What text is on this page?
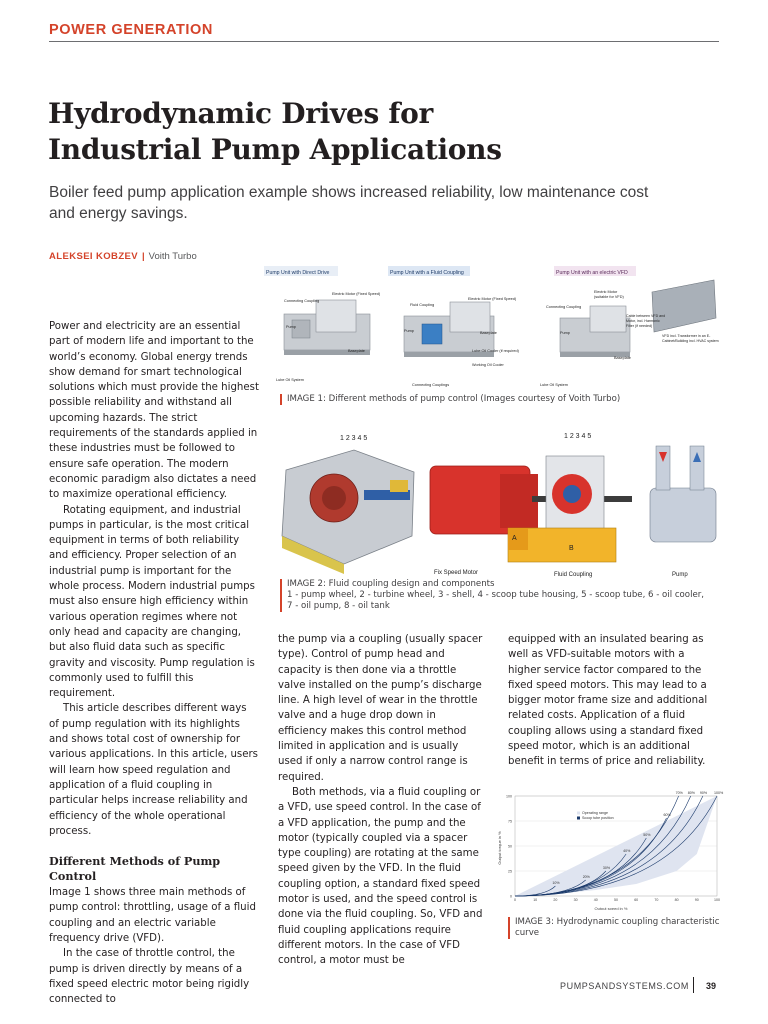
POWER GENERATION
Hydrodynamic Drives for
Industrial Pump Applications
Boiler feed pump application example shows increased reliability, low maintenance cost and energy savings.
ALEKSEI KOBZEV | Voith Turbo

Power and electricity are an essential part of modern life and important to the world’s economy. Global energy trends show demand for smart technological solutions which must provide the highest possible reliability and withstand all upcoming hazards. The strict requirements of the standards applied in these industries must be followed to ensure safe operation. The modern economic paradigm also dictates a need to maximize operational efficiency.

Rotating equipment, and industrial pumps in particular, is the most critical equipment in terms of both reliability and efficiency. Proper selection of an industrial pump is important for the whole process. Modern industrial pumps must also ensure high efficiency within various operation regimes where not only head and capacity are changing, but also fluid data such as specific gravity and viscosity. Pump regulation is commonly used to fulfill this requirement.

This article describes different ways of pump regulation with its highlights and shows total cost of ownership for various applications. In this article, users will learn how speed regulation and application of a fluid coupling in particular helps increase reliability and efficiency of the whole operational process.

Different Methods of Pump Control

Image 1 shows three main methods of pump control: throttling, usage of a fluid coupling and an electric variable frequency drive (VFD).

In the case of throttle control, the pump is driven directly by means of a fixed speed electric motor being rigidly connected to

the pump via a coupling (usually spacer type). Control of pump head and capacity is then done via a throttle valve installed on the pump’s discharge line. A high level of wear in the throttle valve and a huge drop down in efficiency makes this control method limited in application and is usually used if only a narrow control range is required.

Both methods, via a fluid coupling or a VFD, use speed control. In the case of a VFD application, the pump and the motor (typically coupled via a spacer type coupling) are rotating at the same speed given by the VFD. In the fluid coupling option, a standard fixed speed motor is used, and the speed control is done via the fluid coupling. So, VFD and fluid coupling applications require different motors. In the case of VFD control, a motor must be

equipped with an insulated bearing as well as VFD-suitable motors with a higher service factor compared to the fixed speed motors. This may lead to a bigger motor frame size and additional related costs. Application of a fluid coupling allows using a standard fixed speed motor, which is an additional benefit in terms of price and reliability.

Pump Unit with Direct Drive
Electric Motor (Fixed Speed)
Connecting Coupling
Pump
Baseplate
Lube Oil System
Pump Unit with a Fluid Coupling
Fluid Coupling
Electric Motor (Fixed Speed)
Pump	Baseplate
Lube Oil Cooler (if required)
Working Oil Cooler
Connecting Couplings
Pump Unit with an electric VFD
Electric Motor
(suitable for VFD)
Connecting Coupling
Pump
Cable between VFD and
Motor, incl. Harmonic
Filter (if needed)
VFD incl. Transformer in an E-
Cabinet/Building incl. HVAC system
Baseplate
Lube Oil System
IMAGE 1: Different methods of pump control (Images courtesy of Voith Turbo)
1 2 3 4 5	1 2 3 4 5
B
A
Fix Speed Motor	Fluid Coupling	Pump
IMAGE 2: Fluid coupling design and components
1 - pump wheel, 2 - turbine wheel, 3 - shell, 4 - scoop tube housing, 5 - scoop tube, 6 - oil cooler,
7 - oil pump, 8 - oil tank
10%
20%
30%
40%
50%
60%
70% 80% 90% 100%
0	10	20	30	40	50	60	70	80	90	100
0
25
50
75
100
Operating range
Scoop tube position
Output speed in %
Output torque in %
IMAGE 3: Hydrodynamic coupling characteristic curve
PUMPSANDSYSTEMS.COM 39
